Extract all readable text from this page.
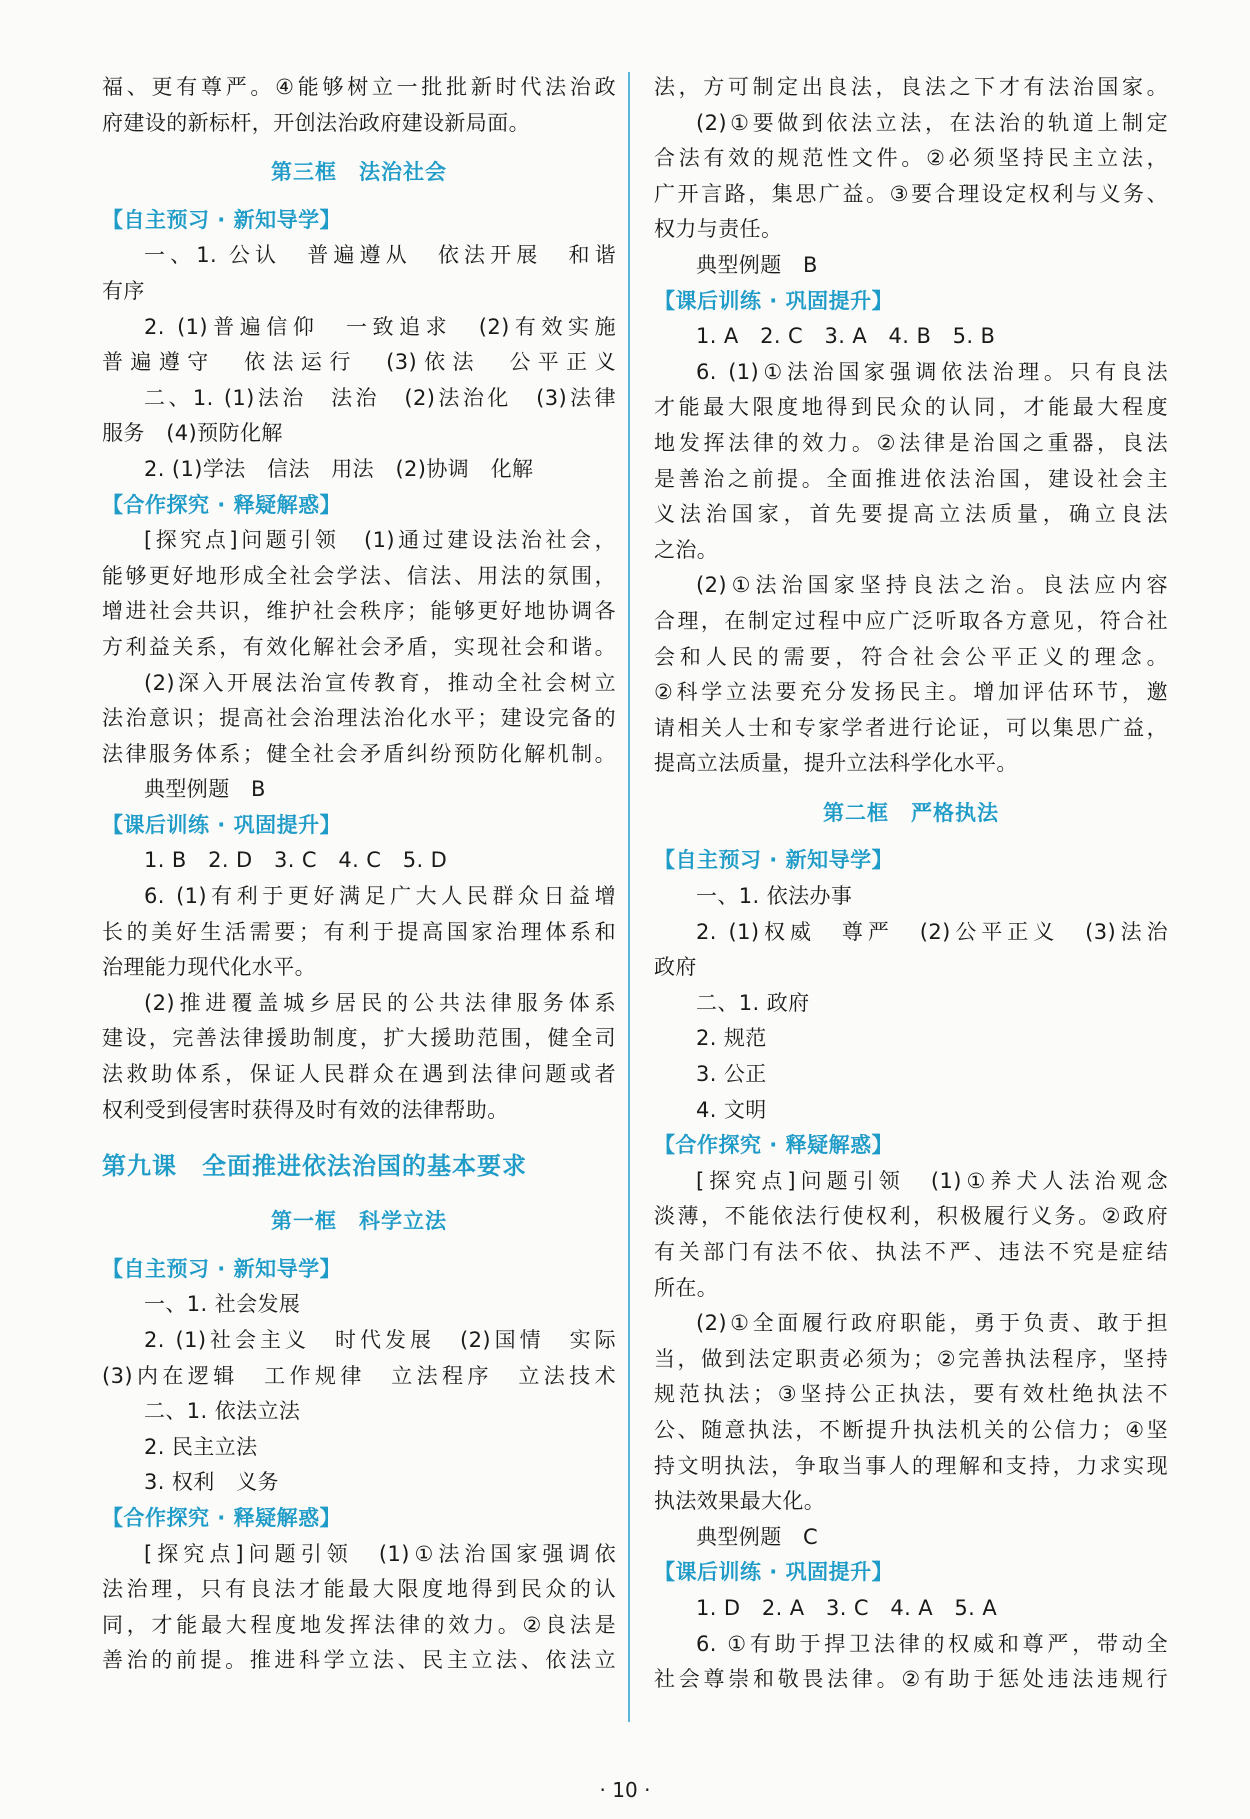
福、更有尊严。④能够树立一批批新时代法治政
府建设的新标杆，开创法治政府建设新局面。
第三框　法治社会
【自主预习 · 新知导学】
一、1. 公认　普遍遵从　依法开展　和谐
有序
2. (1)普遍信仰　一致追求　(2)有效实施
普遍遵守　依法运行　(3)依法　公平正义
二、1. (1)法治　法治　(2)法治化　(3)法律
服务　(4)预防化解
2. (1)学法　信法　用法　(2)协调　化解
【合作探究 · 释疑解惑】
[探究点]问题引领　(1)通过建设法治社会，
能够更好地形成全社会学法、信法、用法的氛围，
增进社会共识，维护社会秩序；能够更好地协调各
方利益关系，有效化解社会矛盾，实现社会和谐。
(2)深入开展法治宣传教育，推动全社会树立
法治意识；提高社会治理法治化水平；建设完备的
法律服务体系；健全社会矛盾纠纷预防化解机制。
典型例题　B
【课后训练 · 巩固提升】
1. B　2. D　3. C　4. C　5. D
6. (1)有利于更好满足广大人民群众日益增
长的美好生活需要；有利于提高国家治理体系和
治理能力现代化水平。
(2)推进覆盖城乡居民的公共法律服务体系
建设，完善法律援助制度，扩大援助范围，健全司
法救助体系，保证人民群众在遇到法律问题或者
权利受到侵害时获得及时有效的法律帮助。
第九课　全面推进依法治国的基本要求
第一框　科学立法
【自主预习 · 新知导学】
一、1. 社会发展
2. (1)社会主义　时代发展　(2)国情　实际
(3)内在逻辑　工作规律　立法程序　立法技术
二、1. 依法立法
2. 民主立法
3. 权利　义务
【合作探究 · 释疑解惑】
[探究点]问题引领　(1)①法治国家强调依
法治理，只有良法才能最大限度地得到民众的认
同，才能最大程度地发挥法律的效力。②良法是
善治的前提。推进科学立法、民主立法、依法立
法，方可制定出良法，良法之下才有法治国家。
(2)①要做到依法立法，在法治的轨道上制定
合法有效的规范性文件。②必须坚持民主立法，
广开言路，集思广益。③要合理设定权利与义务、
权力与责任。
典型例题　B
【课后训练 · 巩固提升】
1. A　2. C　3. A　4. B　5. B
6. (1)①法治国家强调依法治理。只有良法
才能最大限度地得到民众的认同，才能最大程度
地发挥法律的效力。②法律是治国之重器，良法
是善治之前提。全面推进依法治国，建设社会主
义法治国家，首先要提高立法质量，确立良法
之治。
(2)①法治国家坚持良法之治。良法应内容
合理，在制定过程中应广泛听取各方意见，符合社
会和人民的需要，符合社会公平正义的理念。
②科学立法要充分发扬民主。增加评估环节，邀
请相关人士和专家学者进行论证，可以集思广益，
提高立法质量，提升立法科学化水平。
第二框　严格执法
【自主预习 · 新知导学】
一、1. 依法办事
2. (1)权威　尊严　(2)公平正义　(3)法治
政府
二、1. 政府
2. 规范
3. 公正
4. 文明
【合作探究 · 释疑解惑】
[探究点]问题引领　(1)①养犬人法治观念
淡薄，不能依法行使权利，积极履行义务。②政府
有关部门有法不依、执法不严、违法不究是症结
所在。
(2)①全面履行政府职能，勇于负责、敢于担
当，做到法定职责必须为；②完善执法程序，坚持
规范执法；③坚持公正执法，要有效杜绝执法不
公、随意执法，不断提升执法机关的公信力；④坚
持文明执法，争取当事人的理解和支持，力求实现
执法效果最大化。
典型例题　C
【课后训练 · 巩固提升】
1. D　2. A　3. C　4. A　5. A
6. ①有助于捍卫法律的权威和尊严，带动全
社会尊崇和敬畏法律。②有助于惩处违法违规行
· 10 ·
